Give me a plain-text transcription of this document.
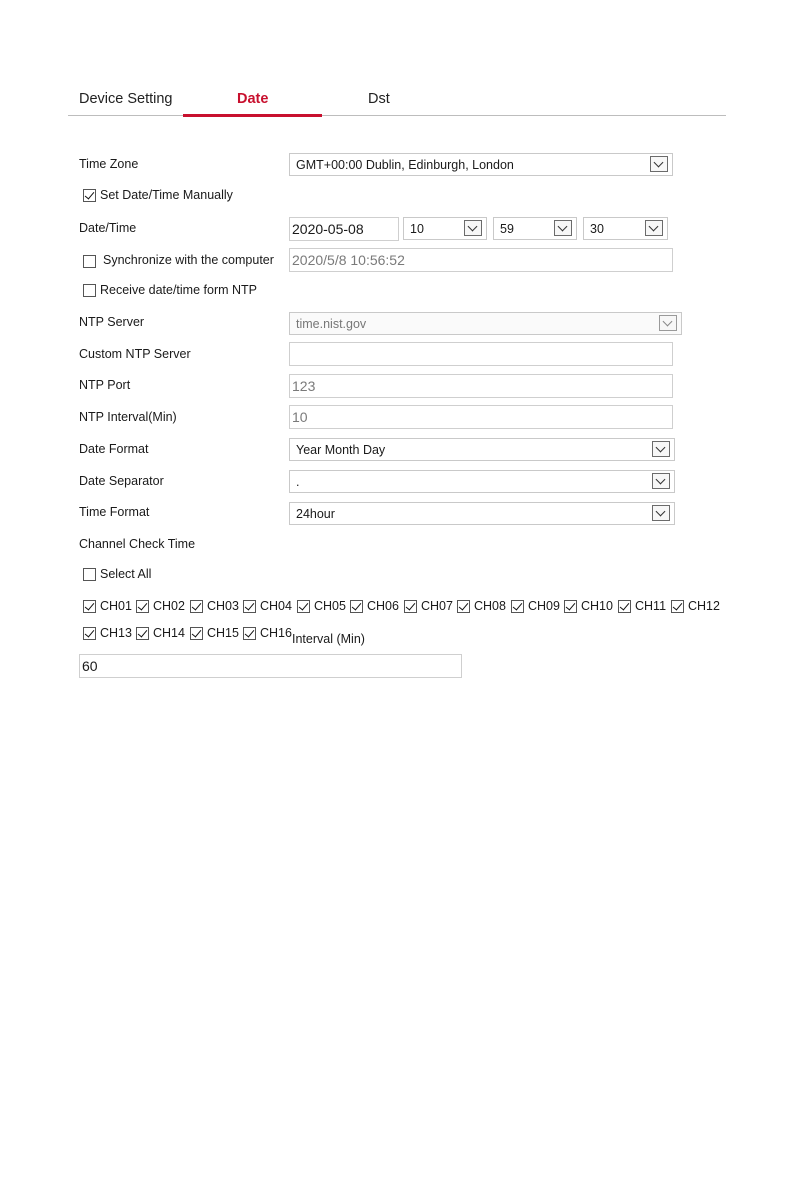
Device Setting	Date	Dst
Time Zone	GMT+00:00 Dublin, Edinburgh, London
Set Date/Time Manually
Date/Time	2020-05-08	10	59	30
Synchronize with the computer 2020/5/8 10:56:52
Receive date/time form NTP
NTP Server	time.nist.gov
Custom NTP Server
NTP Port	123
NTP Interval(Min)	10
Date Format	Year Month Day
Date Separator	.
Time Format	24hour
Channel Check Time
Select All
CH01 CH02 CH03 CH04 CH05 CH06 CH07 CH08 CH09 CH10 CH11 CH12
CH13 CH14 CH15 CH16 Interval (Min)
60
